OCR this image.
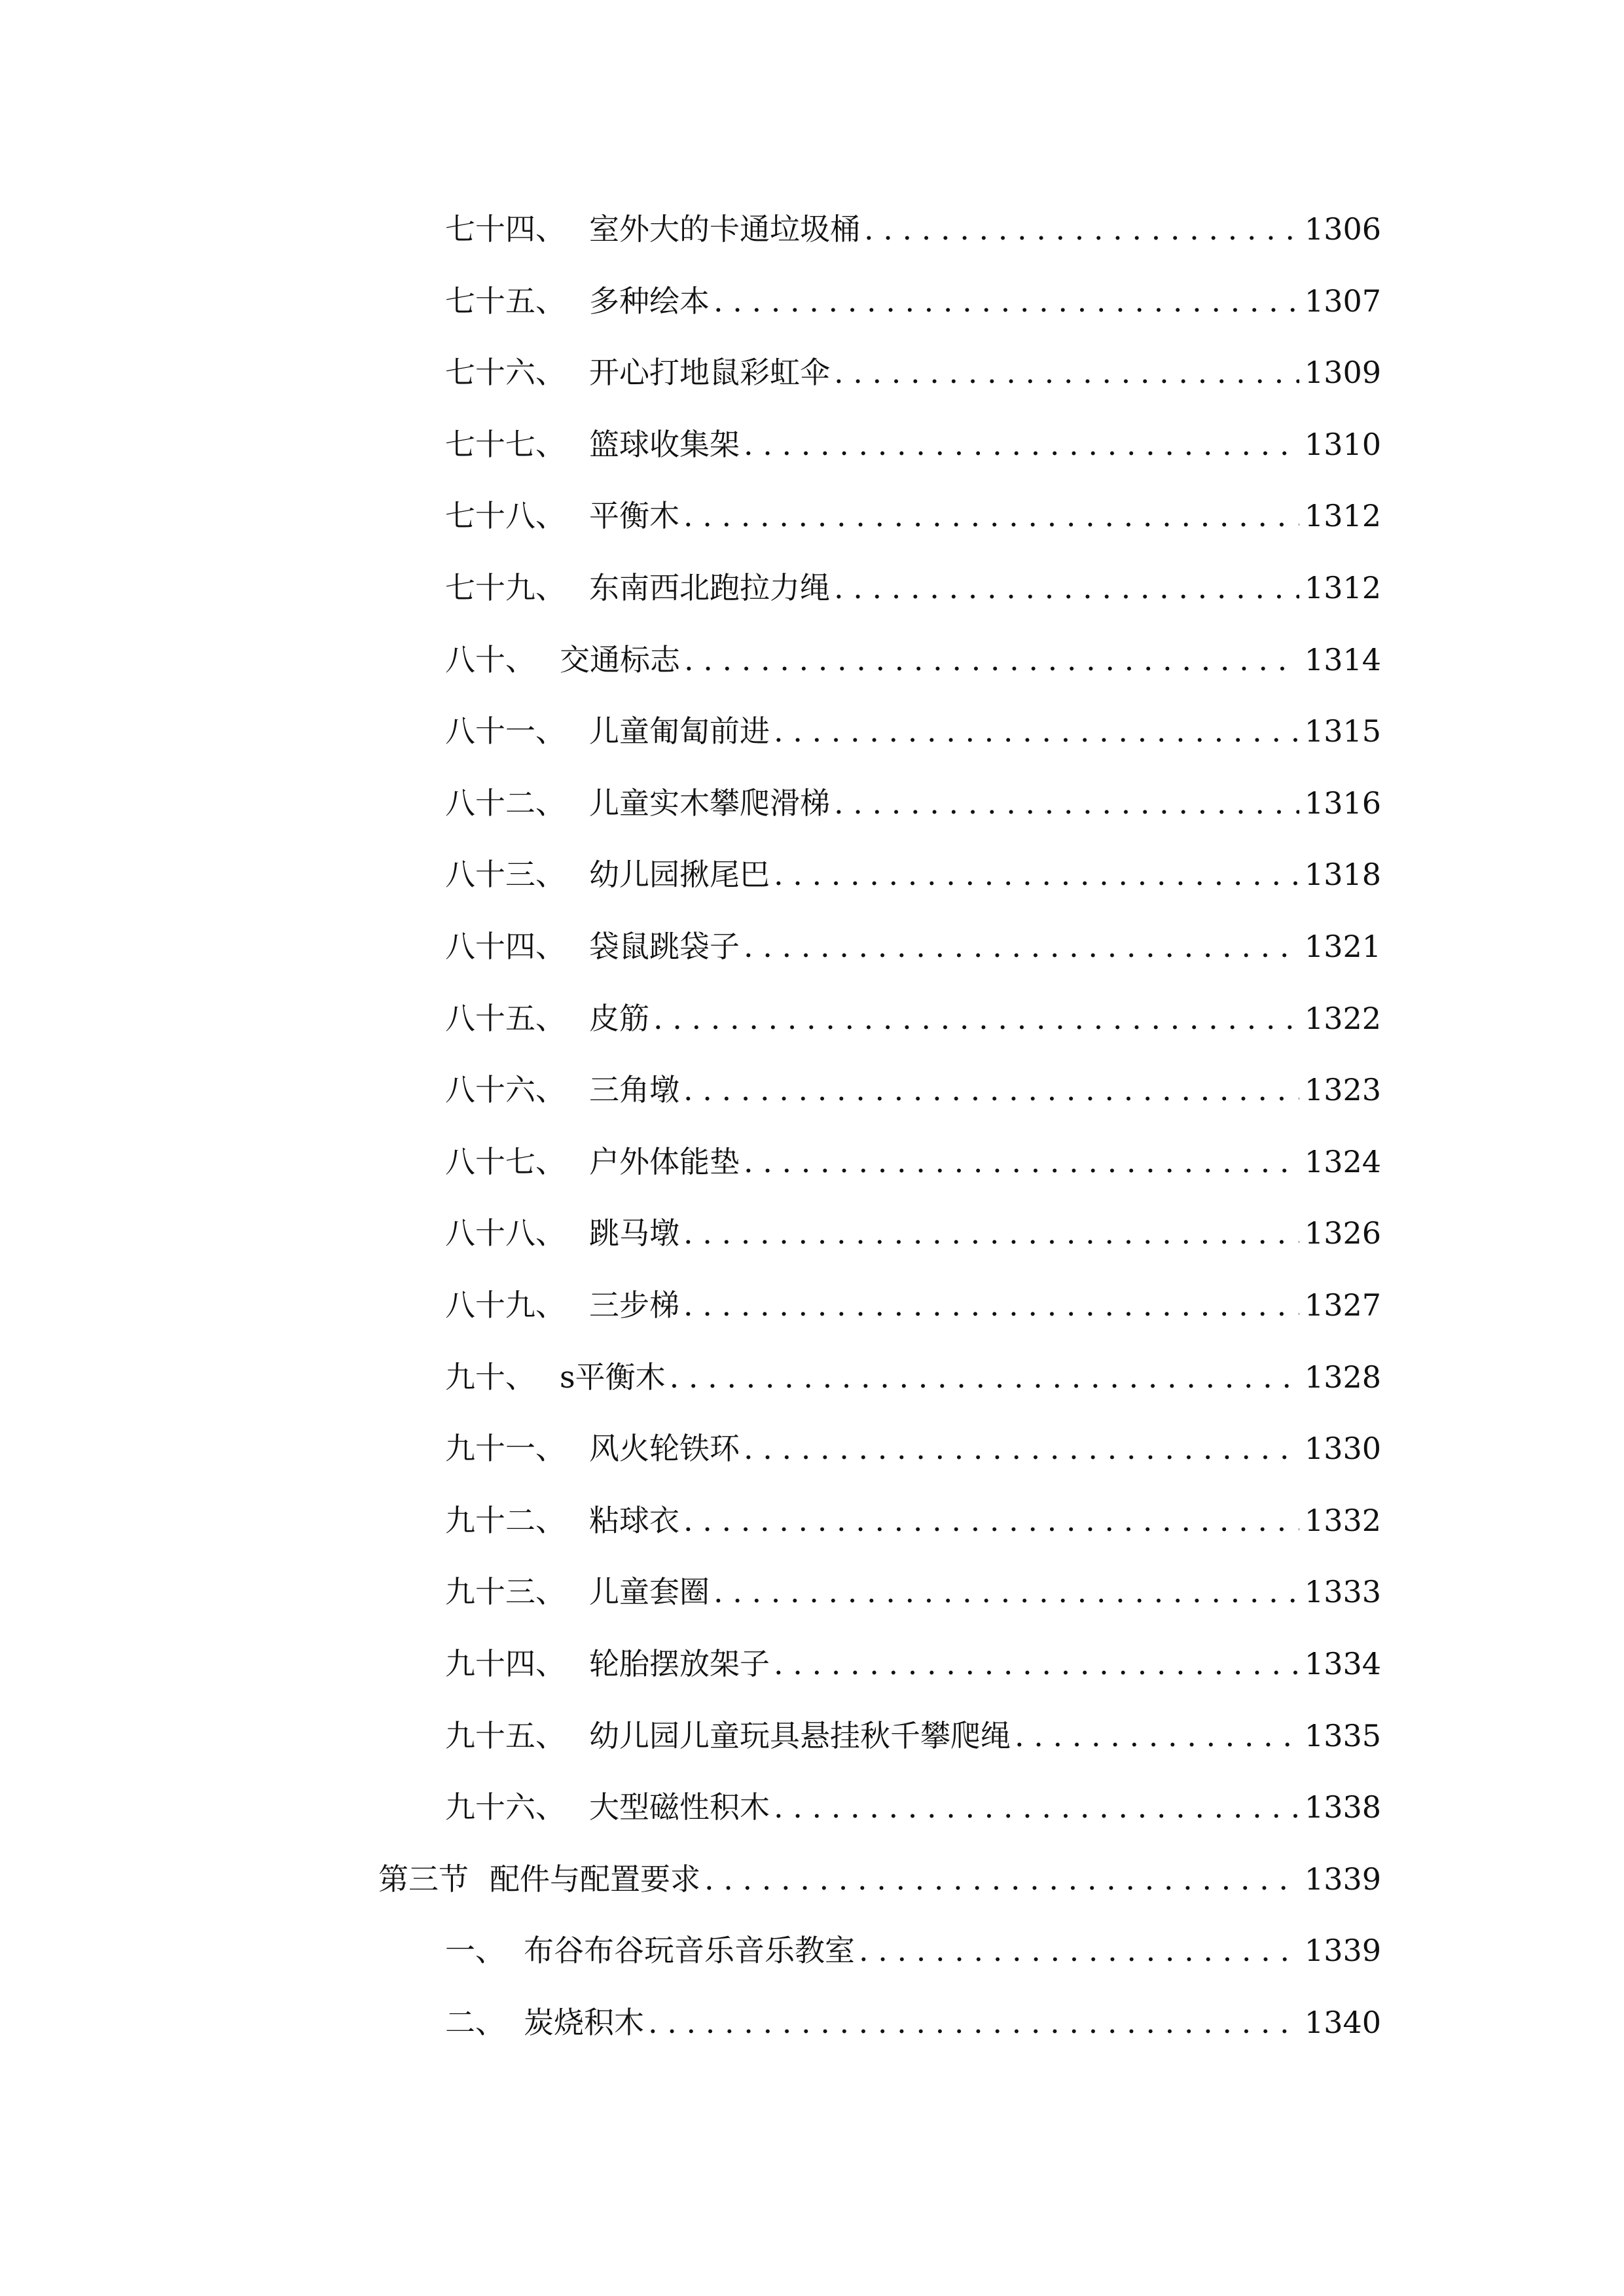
七十四、 室外大的卡通垃圾桶 . . .	1306
七十五、 多种绘本 . . .	1307
七十六、 开心打地鼠彩虹伞 . . .	1309
七十七、 篮球收集架 . . .	1310
七十八、 平衡木 . . .	1312
七十九、 东南西北跑拉力绳 . . .	1312
八十、 交通标志 . . .	1314
八十一、 儿童匍匐前进 . . .	1315
八十二、 儿童实木攀爬滑梯 . . .	1316
八十三、 幼儿园揪尾巴 . . .	1318
八十四、 袋鼠跳袋子 . . .	1321
八十五、 皮筋 . . .	1322
八十六、 三角墩 . . .	1323
八十七、 户外体能垫 . . .	1324
八十八、 跳马墩 . . .	1326
八十九、 三步梯 . . .	1327
九十、 s平衡木 . . .	1328
九十一、 风火轮铁环 . . .	1330
九十二、 粘球衣 . . .	1332
九十三、 儿童套圈 . . .	1333
九十四、 轮胎摆放架子 . . .	1334
九十五、 幼儿园儿童玩具悬挂秋千攀爬绳 . . .	1335
九十六、 大型磁性积木 . . .	1338
第三节 配件与配置要求 . . .	1339
一、 布谷布谷玩音乐音乐教室 . . .	1339
二、 炭烧积木 . . .	1340
